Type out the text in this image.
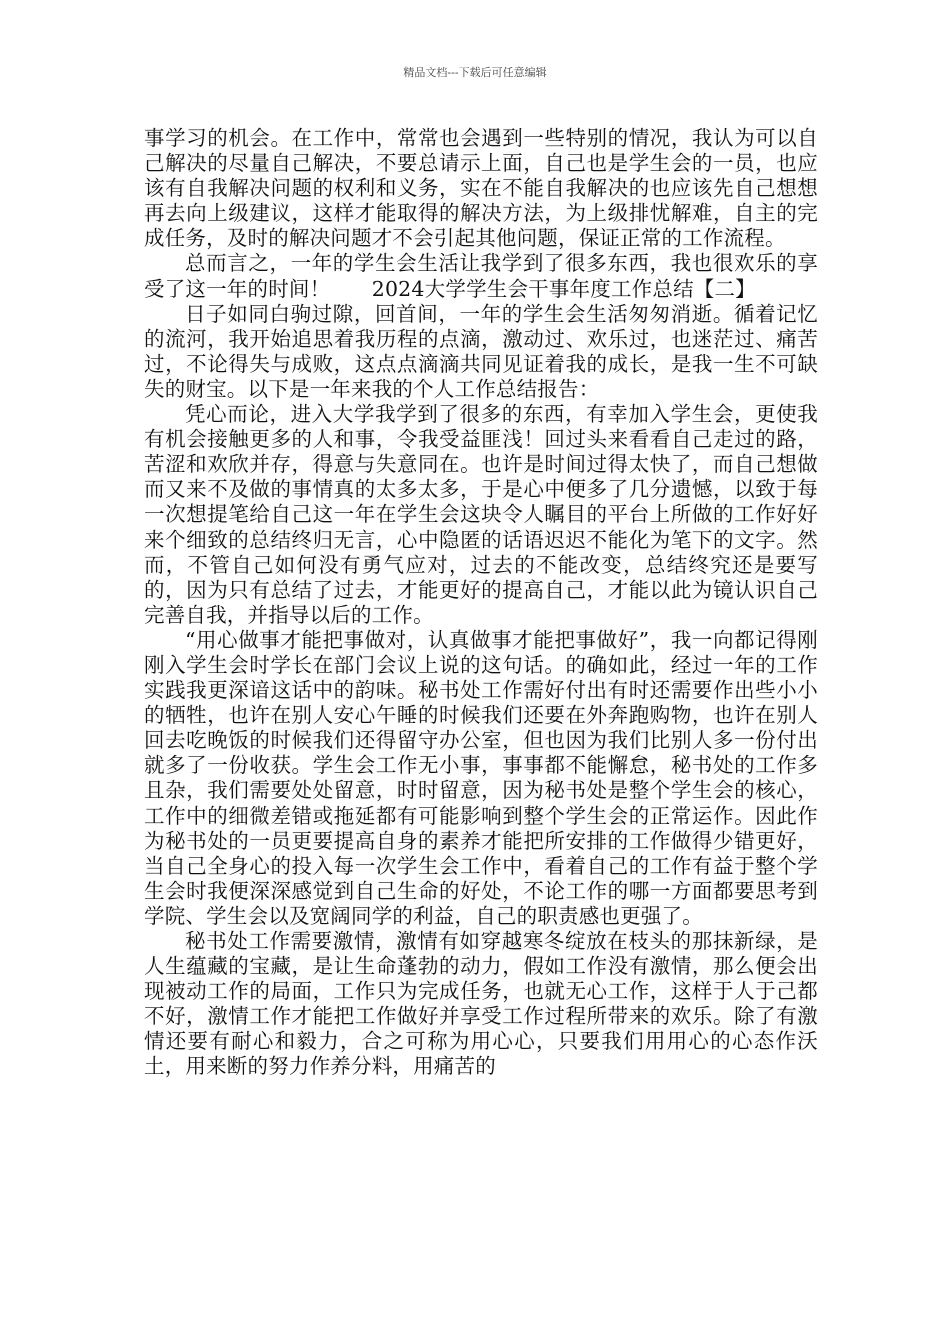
精品文档---下载后可任意编辑

事学习的机会。在工作中，常常也会遇到一些特别的情况，我认为可以自己解决的尽量自己解决，不要总请示上面，自己也是学生会的一员，也应该有自我解决问题的权利和义务，实在不能自我解决的也应该先自己想想再去向上级建议，这样才能取得的解决方法，为上级排忧解难，自主的完成任务，及时的解决问题才不会引起其他问题，保证正常的工作流程。

总而言之，一年的学生会生活让我学到了很多东西，我也很欢乐的享受了这一年的时间！　　2024大学学生会干事年度工作总结【二】

日子如同白驹过隙，回首间，一年的学生会生活匆匆消逝。循着记忆的流河，我开始追思着我历程的点滴，激动过、欢乐过，也迷茫过、痛苦过，不论得失与成败，这点点滴滴共同见证着我的成长，是我一生不可缺失的财宝。以下是一年来我的个人工作总结报告：

凭心而论，进入大学我学到了很多的东西，有幸加入学生会，更使我有机会接触更多的人和事，令我受益匪浅！回过头来看看自己走过的路，苦涩和欢欣并存，得意与失意同在。也许是时间过得太快了，而自己想做而又来不及做的事情真的太多太多，于是心中便多了几分遗憾，以致于每一次想提笔给自己这一年在学生会这块令人瞩目的平台上所做的工作好好来个细致的总结终归无言，心中隐匿的话语迟迟不能化为笔下的文字。然而，不管自己如何没有勇气应对，过去的不能改变，总结终究还是要写的，因为只有总结了过去，才能更好的提高自己，才能以此为镜认识自己完善自我，并指导以后的工作。

“用心做事才能把事做对，认真做事才能把事做好”，我一向都记得刚刚入学生会时学长在部门会议上说的这句话。的确如此，经过一年的工作实践我更深谙这话中的韵味。秘书处工作需好付出有时还需要作出些小小的牺牲，也许在别人安心午睡的时候我们还要在外奔跑购物，也许在别人回去吃晚饭的时候我们还得留守办公室，但也因为我们比别人多一份付出就多了一份收获。学生会工作无小事，事事都不能懈怠，秘书处的工作多且杂，我们需要处处留意，时时留意，因为秘书处是整个学生会的核心，工作中的细微差错或拖延都有可能影响到整个学生会的正常运作。因此作为秘书处的一员更要提高自身的素养才能把所安排的工作做得少错更好，当自己全身心的投入每一次学生会工作中，看着自己的工作有益于整个学生会时我便深深感觉到自己生命的好处，不论工作的哪一方面都要思考到学院、学生会以及宽阔同学的利益，自己的职责感也更强了。

秘书处工作需要激情，激情有如穿越寒冬绽放在枝头的那抹新绿，是人生蕴藏的宝藏，是让生命蓬勃的动力，假如工作没有激情，那么便会出现被动工作的局面，工作只为完成任务，也就无心工作，这样于人于己都不好，激情工作才能把工作做好并享受工作过程所带来的欢乐。除了有激情还要有耐心和毅力，合之可称为用心心，只要我们用用心的心态作沃土，用来断的努力作养分料，用痛苦的
